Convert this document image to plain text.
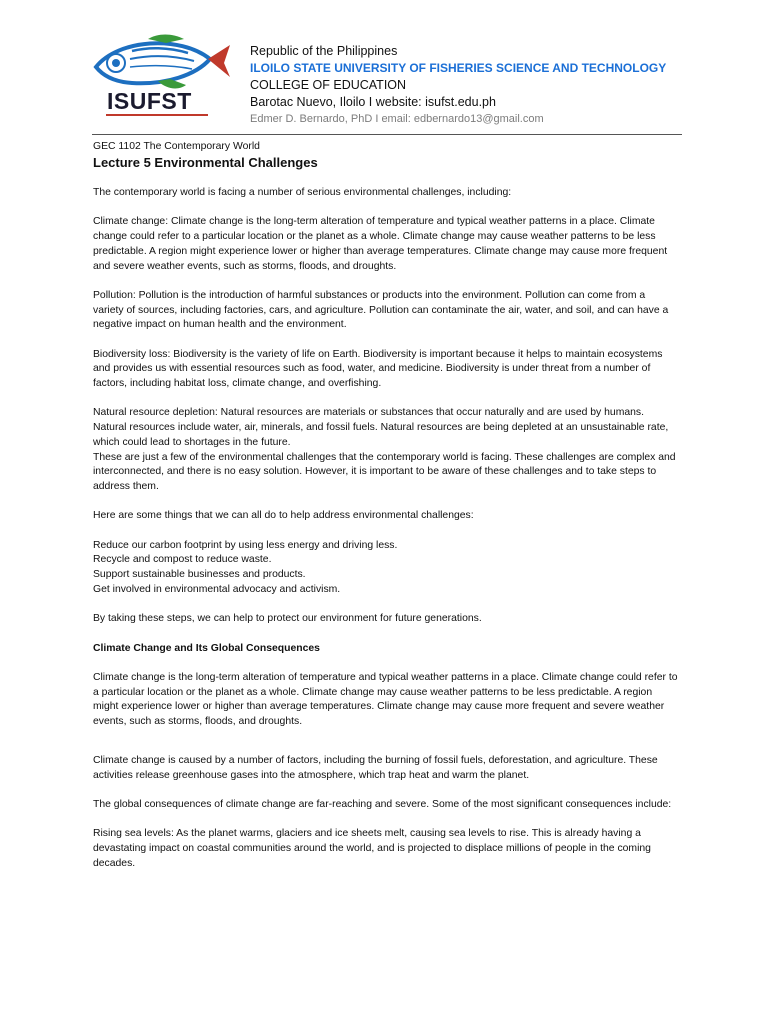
ISUFST
Republic of the Philippines
ILOILO STATE UNIVERSITY OF FISHERIES SCIENCE AND TECHNOLOGY
COLLEGE OF EDUCATION
Barotac Nuevo, Iloilo I website: isufst.edu.ph
Edmer D. Bernardo, PhD I email: edbernardo13@gmail.com

GEC 1102 The Contemporary World

Lecture 5 Environmental Challenges

The contemporary world is facing a number of serious environmental challenges, including:

Climate change: Climate change is the long-term alteration of temperature and typical weather patterns in a place. Climate change could refer to a particular location or the planet as a whole. Climate change may cause weather patterns to be less predictable. A region might experience lower or higher than average temperatures. Climate change may cause more frequent and severe weather events, such as storms, floods, and droughts.

Pollution: Pollution is the introduction of harmful substances or products into the environment. Pollution can come from a variety of sources, including factories, cars, and agriculture. Pollution can contaminate the air, water, and soil, and can have a negative impact on human health and the environment.

Biodiversity loss: Biodiversity is the variety of life on Earth. Biodiversity is important because it helps to maintain ecosystems and provides us with essential resources such as food, water, and medicine. Biodiversity is under threat from a number of factors, including habitat loss, climate change, and overfishing.

Natural resource depletion: Natural resources are materials or substances that occur naturally and are used by humans. Natural resources include water, air, minerals, and fossil fuels. Natural resources are being depleted at an unsustainable rate, which could lead to shortages in the future.

These are just a few of the environmental challenges that the contemporary world is facing. These challenges are complex and interconnected, and there is no easy solution. However, it is important to be aware of these challenges and to take steps to address them.

Here are some things that we can all do to help address environmental challenges:

Reduce our carbon footprint by using less energy and driving less.

Recycle and compost to reduce waste.

Support sustainable businesses and products.

Get involved in environmental advocacy and activism.

By taking these steps, we can help to protect our environment for future generations.

Climate Change and Its Global Consequences

Climate change is the long-term alteration of temperature and typical weather patterns in a place. Climate change could refer to a particular location or the planet as a whole. Climate change may cause weather patterns to be less predictable. A region might experience lower or higher than average temperatures. Climate change may cause more frequent and severe weather events, such as storms, floods, and droughts.

Climate change is caused by a number of factors, including the burning of fossil fuels, deforestation, and agriculture. These activities release greenhouse gases into the atmosphere, which trap heat and warm the planet.

The global consequences of climate change are far-reaching and severe. Some of the most significant consequences include:

Rising sea levels: As the planet warms, glaciers and ice sheets melt, causing sea levels to rise. This is already having a devastating impact on coastal communities around the world, and is projected to displace millions of people in the coming decades.
